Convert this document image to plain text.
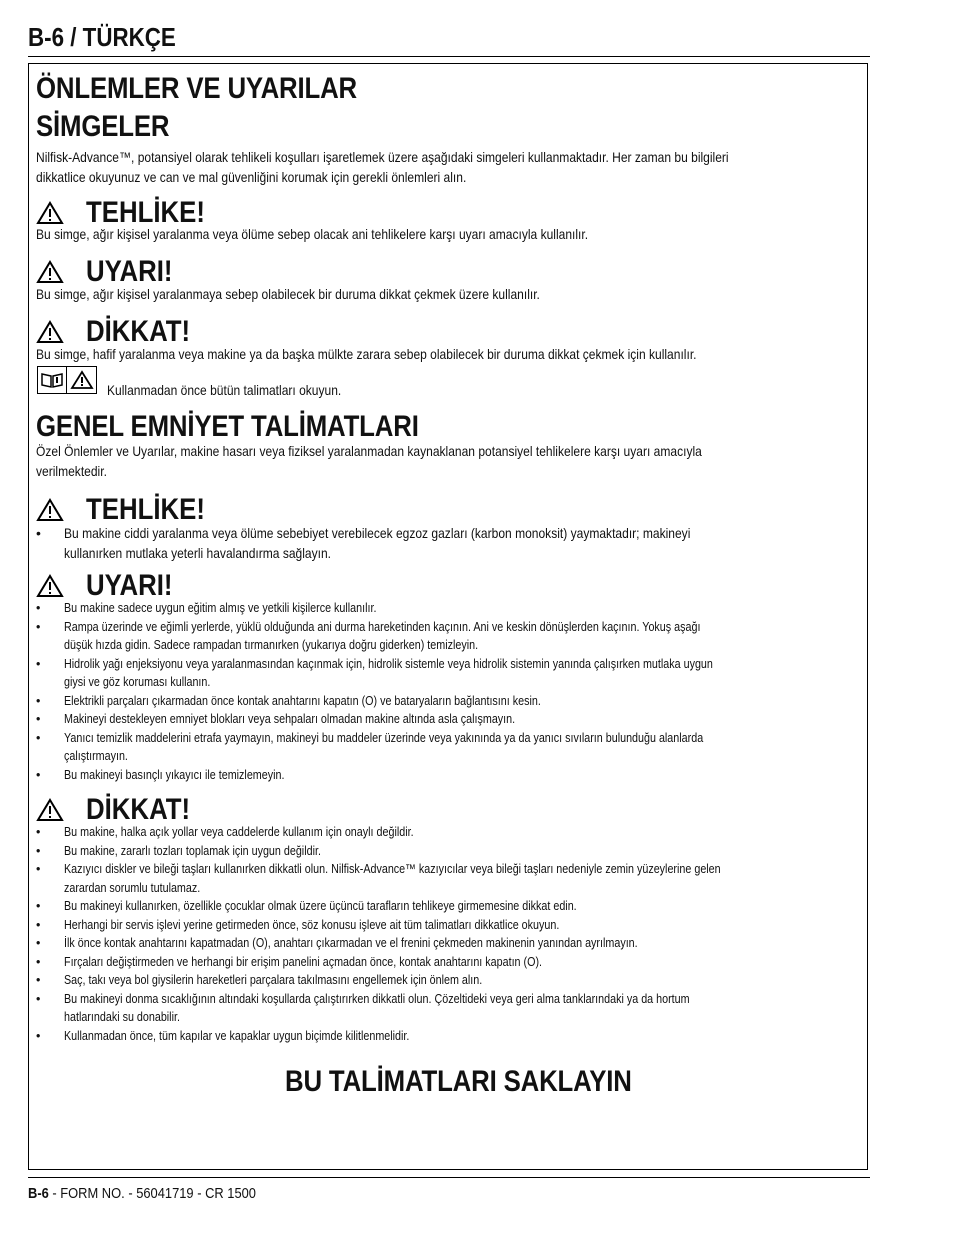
B-6 / TÜRKÇE
ÖNLEMLER VE UYARILAR
SİMGELER
Nilfisk-Advance™, potansiyel olarak tehlikeli koşulları işaretlemek üzere aşağıdaki simgeleri kullanmaktadır. Her zaman bu bilgileri
dikkatlice okuyunuz ve can ve mal güvenliğini korumak için gerekli önlemleri alın.
TEHLİKE!
Bu simge, ağır kişisel yaralanma veya ölüme sebep olacak ani tehlikelere karşı uyarı amacıyla kullanılır.
UYARI!
Bu simge, ağır kişisel yaralanmaya sebep olabilecek bir duruma dikkat çekmek üzere kullanılır.
DİKKAT!
Bu simge, hafif yaralanma veya makine ya da başka mülkte zarara sebep olabilecek bir duruma dikkat çekmek için kullanılır.
Kullanmadan önce bütün talimatları okuyun.
GENEL EMNİYET TALİMATLARI
Özel Önlemler ve Uyarılar, makine hasarı veya fiziksel yaralanmadan kaynaklanan potansiyel tehlikelere karşı uyarı amacıyla
verilmektedir.
TEHLİKE!
• Bu makine ciddi yaralanma veya ölüme sebebiyet verebilecek egzoz gazları (karbon monoksit) yaymaktadır; makineyi
kullanırken mutlaka yeterli havalandırma sağlayın.
UYARI!
• Bu makine sadece uygun eğitim almış ve yetkili kişilerce kullanılır.
• Rampa üzerinde ve eğimli yerlerde, yüklü olduğunda ani durma hareketinden kaçının. Ani ve keskin dönüşlerden kaçının. Yokuş aşağı
düşük hızda gidin. Sadece rampadan tırmanırken (yukarıya doğru giderken) temizleyin.
• Hidrolik yağı enjeksiyonu veya yaralanmasından kaçınmak için, hidrolik sistemle veya hidrolik sistemin yanında çalışırken mutlaka uygun
giysi ve göz koruması kullanın.
• Elektrikli parçaları çıkarmadan önce kontak anahtarını kapatın (O) ve bataryaların bağlantısını kesin.
• Makineyi destekleyen emniyet blokları veya sehpaları olmadan makine altında asla çalışmayın.
• Yanıcı temizlik maddelerini etrafa yaymayın, makineyi bu maddeler üzerinde veya yakınında ya da yanıcı sıvıların bulunduğu alanlarda
çalıştırmayın.
• Bu makineyi basınçlı yıkayıcı ile temizlemeyin.
DİKKAT!
• Bu makine, halka açık yollar veya caddelerde kullanım için onaylı değildir.
• Bu makine, zararlı tozları toplamak için uygun değildir.
• Kazıyıcı diskler ve bileği taşları kullanırken dikkatli olun. Nilfisk-Advance™ kazıyıcılar veya bileği taşları nedeniyle zemin yüzeylerine gelen
zarardan sorumlu tutulamaz.
• Bu makineyi kullanırken, özellikle çocuklar olmak üzere üçüncü tarafların tehlikeye girmemesine dikkat edin.
• Herhangi bir servis işlevi yerine getirmeden önce, söz konusu işleve ait tüm talimatları dikkatlice okuyun.
• İlk önce kontak anahtarını kapatmadan (O), anahtarı çıkarmadan ve el frenini çekmeden makinenin yanından ayrılmayın.
• Fırçaları değiştirmeden ve herhangi bir erişim panelini açmadan önce, kontak anahtarını kapatın (O).
• Saç, takı veya bol giysilerin hareketleri parçalara takılmasını engellemek için önlem alın.
• Bu makineyi donma sıcaklığının altındaki koşullarda çalıştırırken dikkatli olun. Çözeltideki veya geri alma tanklarındaki ya da hortum
hatlarındaki su donabilir.
• Kullanmadan önce, tüm kapılar ve kapaklar uygun biçimde kilitlenmelidir.
BU TALİMATLARI SAKLAYIN
B-6 - FORM NO. - 56041719 - CR 1500
